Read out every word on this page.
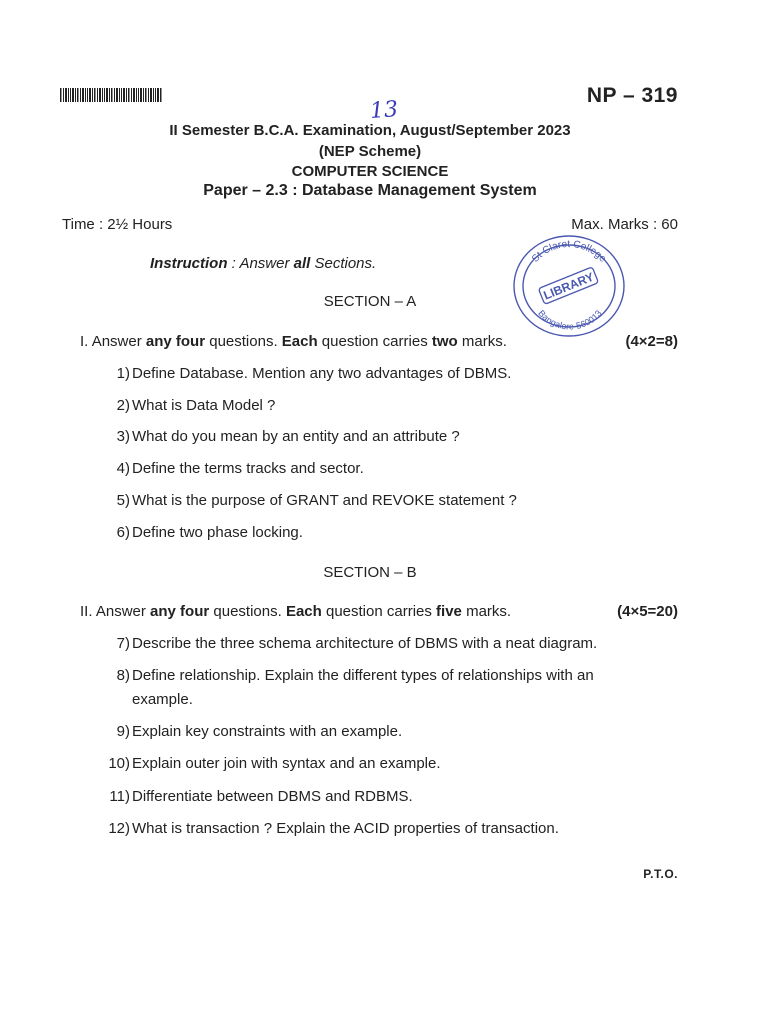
NP – 319
13
II Semester B.C.A. Examination, August/September 2023
(NEP Scheme)
COMPUTER SCIENCE
Paper – 2.3 : Database Management System
Time : 2½ Hours	Max. Marks : 60
Instruction : Answer all Sections.	St Claret College
Bangalore-560013
LIBRARY
SECTION – A
I. Answer any four questions. Each question carries two marks.	(4×2=8)
1) Define Database. Mention any two advantages of DBMS.
2) What is Data Model ?
3) What do you mean by an entity and an attribute ?
4) Define the terms tracks and sector.
5) What is the purpose of GRANT and REVOKE statement ?
6) Define two phase locking.
SECTION – B
II. Answer any four questions. Each question carries five marks.	(4×5=20)
7) Describe the three schema architecture of DBMS with a neat diagram.
8) Define relationship. Explain the different types of relationships with an
example.
9) Explain key constraints with an example.
10) Explain outer join with syntax and an example.
11) Differentiate between DBMS and RDBMS.
12) What is transaction ? Explain the ACID properties of transaction.
P.T.O.
